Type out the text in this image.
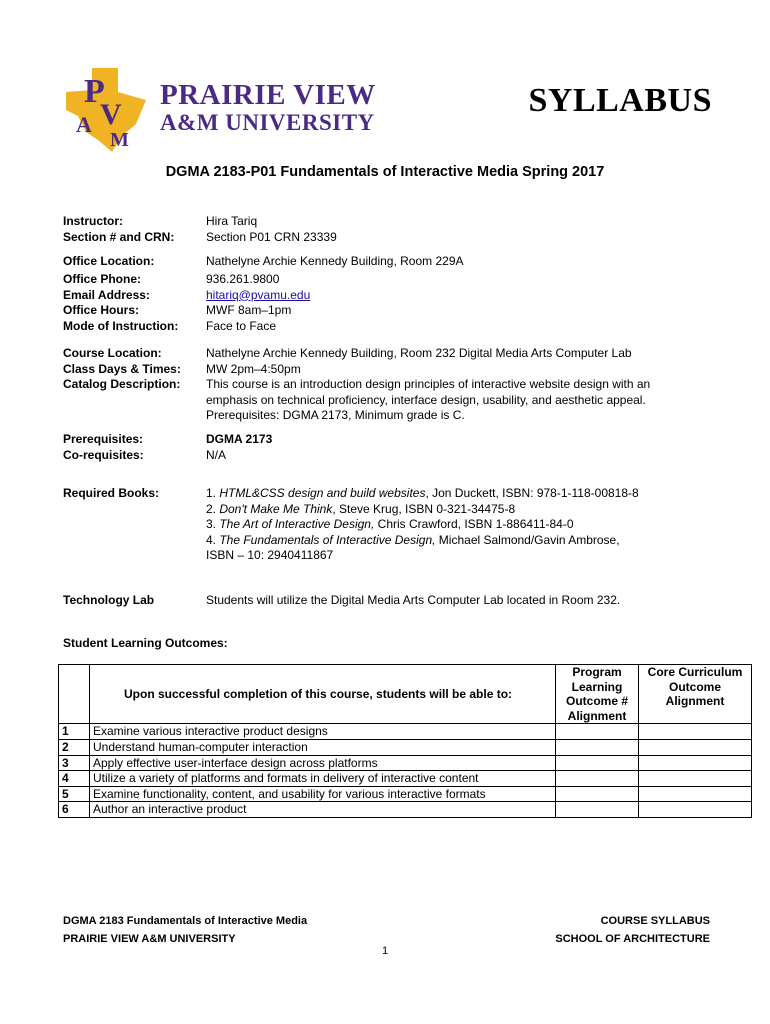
P
V
A
M
PRAIRIE VIEW
A&M UNIVERSITY
SYLLABUS
DGMA 2183-P01 Fundamentals of Interactive Media Spring 2017
Instructor:	Hira Tariq
Section # and CRN:	Section P01 CRN 23339
Office Location:	Nathelyne Archie Kennedy Building, Room 229A
Office Phone:	936.261.9800
Email Address:	hitariq@pvamu.edu
Office Hours:	MWF 8am–1pm
Mode of Instruction:	Face to Face
Course Location:	Nathelyne Archie Kennedy Building, Room 232 Digital Media Arts Computer Lab
Class Days & Times:	MW 2pm–4:50pm
Catalog Description:	This course is an introduction design principles of interactive website design with an
emphasis on technical proficiency, interface design, usability, and aesthetic appeal.
Prerequisites: DGMA 2173, Minimum grade is C.
Prerequisites:	DGMA 2173
Co-requisites:	N/A
Required Books:	1. HTML&CSS design and build websites, Jon Duckett, ISBN: 978-1-118-00818-8
2. Don't Make Me Think, Steve Krug, ISBN 0-321-34475-8
3. The Art of Interactive Design, Chris Crawford, ISBN 1-886411-84-0
4. The Fundamentals of Interactive Design, Michael Salmond/Gavin Ambrose,
ISBN – 10: 2940411867
Technology Lab	Students will utilize the Digital Media Arts Computer Lab located in Room 232.
Student Learning Outcomes:
	Upon successful completion of this course, students will be able to:	Program Learning Outcome # Alignment	Core Curriculum Outcome Alignment
1	Examine various interactive product designs		
2	Understand human-computer interaction		
3	Apply effective user-interface design across platforms		
4	Utilize a variety of platforms and formats in delivery of interactive content		
5	Examine functionality, content, and usability for various interactive formats		
6	Author an interactive product		
DGMA 2183 Fundamentals of Interactive Media
PRAIRIE VIEW A&M UNIVERSITY
COURSE SYLLABUS
SCHOOL OF ARCHITECTURE
1
